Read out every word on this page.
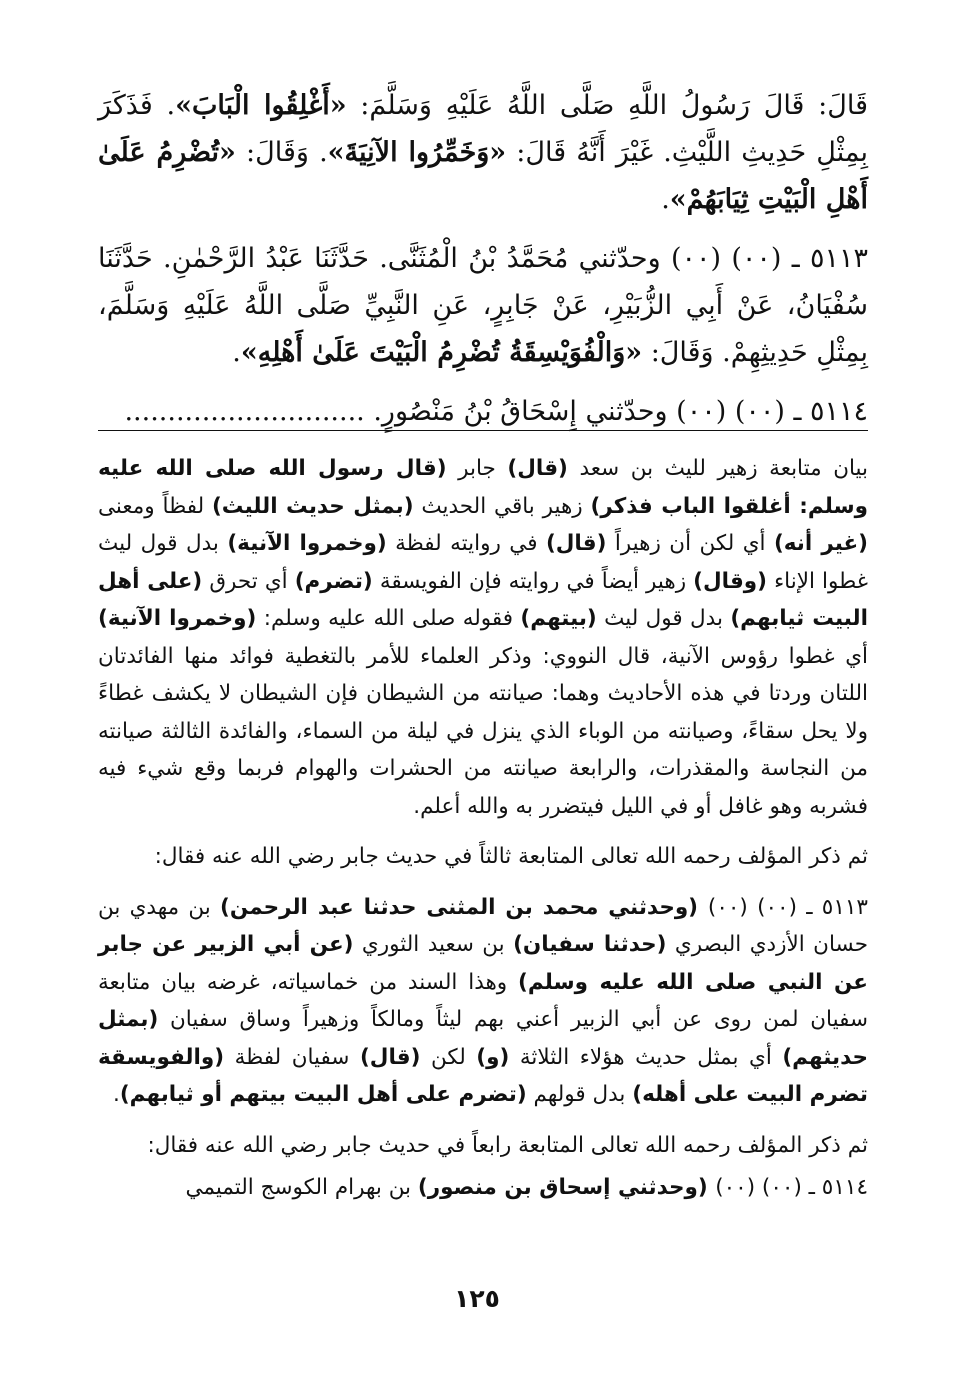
قَالَ: قَالَ رَسُولُ اللَّهِ صَلَّى اللَّهُ عَلَيْهِ وَسَلَّمَ: «أَغْلِقُوا الْبَابَ». فَذَكَرَ بِمِثْلِ حَدِيثِ اللَّيْثِ. غَيْرَ أَنَّهُ قَالَ: «وَخَمِّرُوا الآنِيَةَ». وَقَالَ: «تُضْرِمُ عَلَىٰ أَهْلِ الْبَيْتِ ثِيَابَهُمْ».

٥١١٣ ـ (٠٠) (٠٠) وحدّثني مُحَمَّدُ بْنُ الْمُثَنَّى. حَدَّثَنَا عَبْدُ الرَّحْمٰنِ. حَدَّثَنَا سُفْيَانُ، عَنْ أَبِي الزُّبَيْرِ، عَنْ جَابِرٍ، عَنِ النَّبِيِّ صَلَّى اللَّهُ عَلَيْهِ وَسَلَّمَ، بِمِثْلِ حَدِيثِهِمْ. وَقَالَ: «وَالْفُوَيْسِقَةُ تُضْرِمُ الْبَيْتَ عَلَىٰ أَهْلِهِ».

٥١١٤ ـ (٠٠) (٠٠) وحدّثني إِسْحَاقُ بْنُ مَنْصُورٍ. ............................

بيان متابعة زهير لليث بن سعد (قال) جابر (قال رسول الله صلى الله عليه وسلم: أغلقوا الباب فذكر) زهير باقي الحديث (بمثل حديث الليث) لفظاً ومعنى (غير أنه) أي لكن أن زهيراً (قال) في روايته لفظة (وخمروا الآنية) بدل قول ليث غطوا الإناء (وقال) زهير أيضاً في روايته فإن الفويسقة (تضرم) أي تحرق (على أهل البيت ثيابهم) بدل قول ليث (بيتهم) فقوله صلى الله عليه وسلم: (وخمروا الآنية) أي غطوا رؤوس الآنية، قال النووي: وذكر العلماء للأمر بالتغطية فوائد منها الفائدتان اللتان وردتا في هذه الأحاديث وهما: صيانته من الشيطان فإن الشيطان لا يكشف غطاءً ولا يحل سقاءً، وصيانته من الوباء الذي ينزل في ليلة من السماء، والفائدة الثالثة صيانته من النجاسة والمقذرات، والرابعة صيانته من الحشرات والهوام فربما وقع شيء فيه فشربه وهو غافل أو في الليل فيتضرر به والله أعلم.

ثم ذكر المؤلف رحمه الله تعالى المتابعة ثالثاً في حديث جابر رضي الله عنه فقال:

٥١١٣ ـ (٠٠) (٠٠) (وحدثني محمد بن المثنى حدثنا عبد الرحمن) بن مهدي بن حسان الأزدي البصري (حدثنا سفيان) بن سعيد الثوري (عن أبي الزبير عن جابر عن النبي صلى الله عليه وسلم) وهذا السند من خماسياته، غرضه بيان متابعة سفيان لمن روى عن أبي الزبير أعني بهم ليثاً ومالكاً وزهيراً وساق سفيان (بمثل حديثهم) أي بمثل حديث هؤلاء الثلاثة (و) لكن (قال) سفيان لفظة (والفويسقة تضرم البيت على أهله) بدل قولهم (تضرم على أهل البيت بيتهم أو ثيابهم).

ثم ذكر المؤلف رحمه الله تعالى المتابعة رابعاً في حديث جابر رضي الله عنه فقال:

٥١١٤ ـ (٠٠) (٠٠) (وحدثني إسحاق بن منصور) بن بهرام الكوسج التميمي

١٢٥
